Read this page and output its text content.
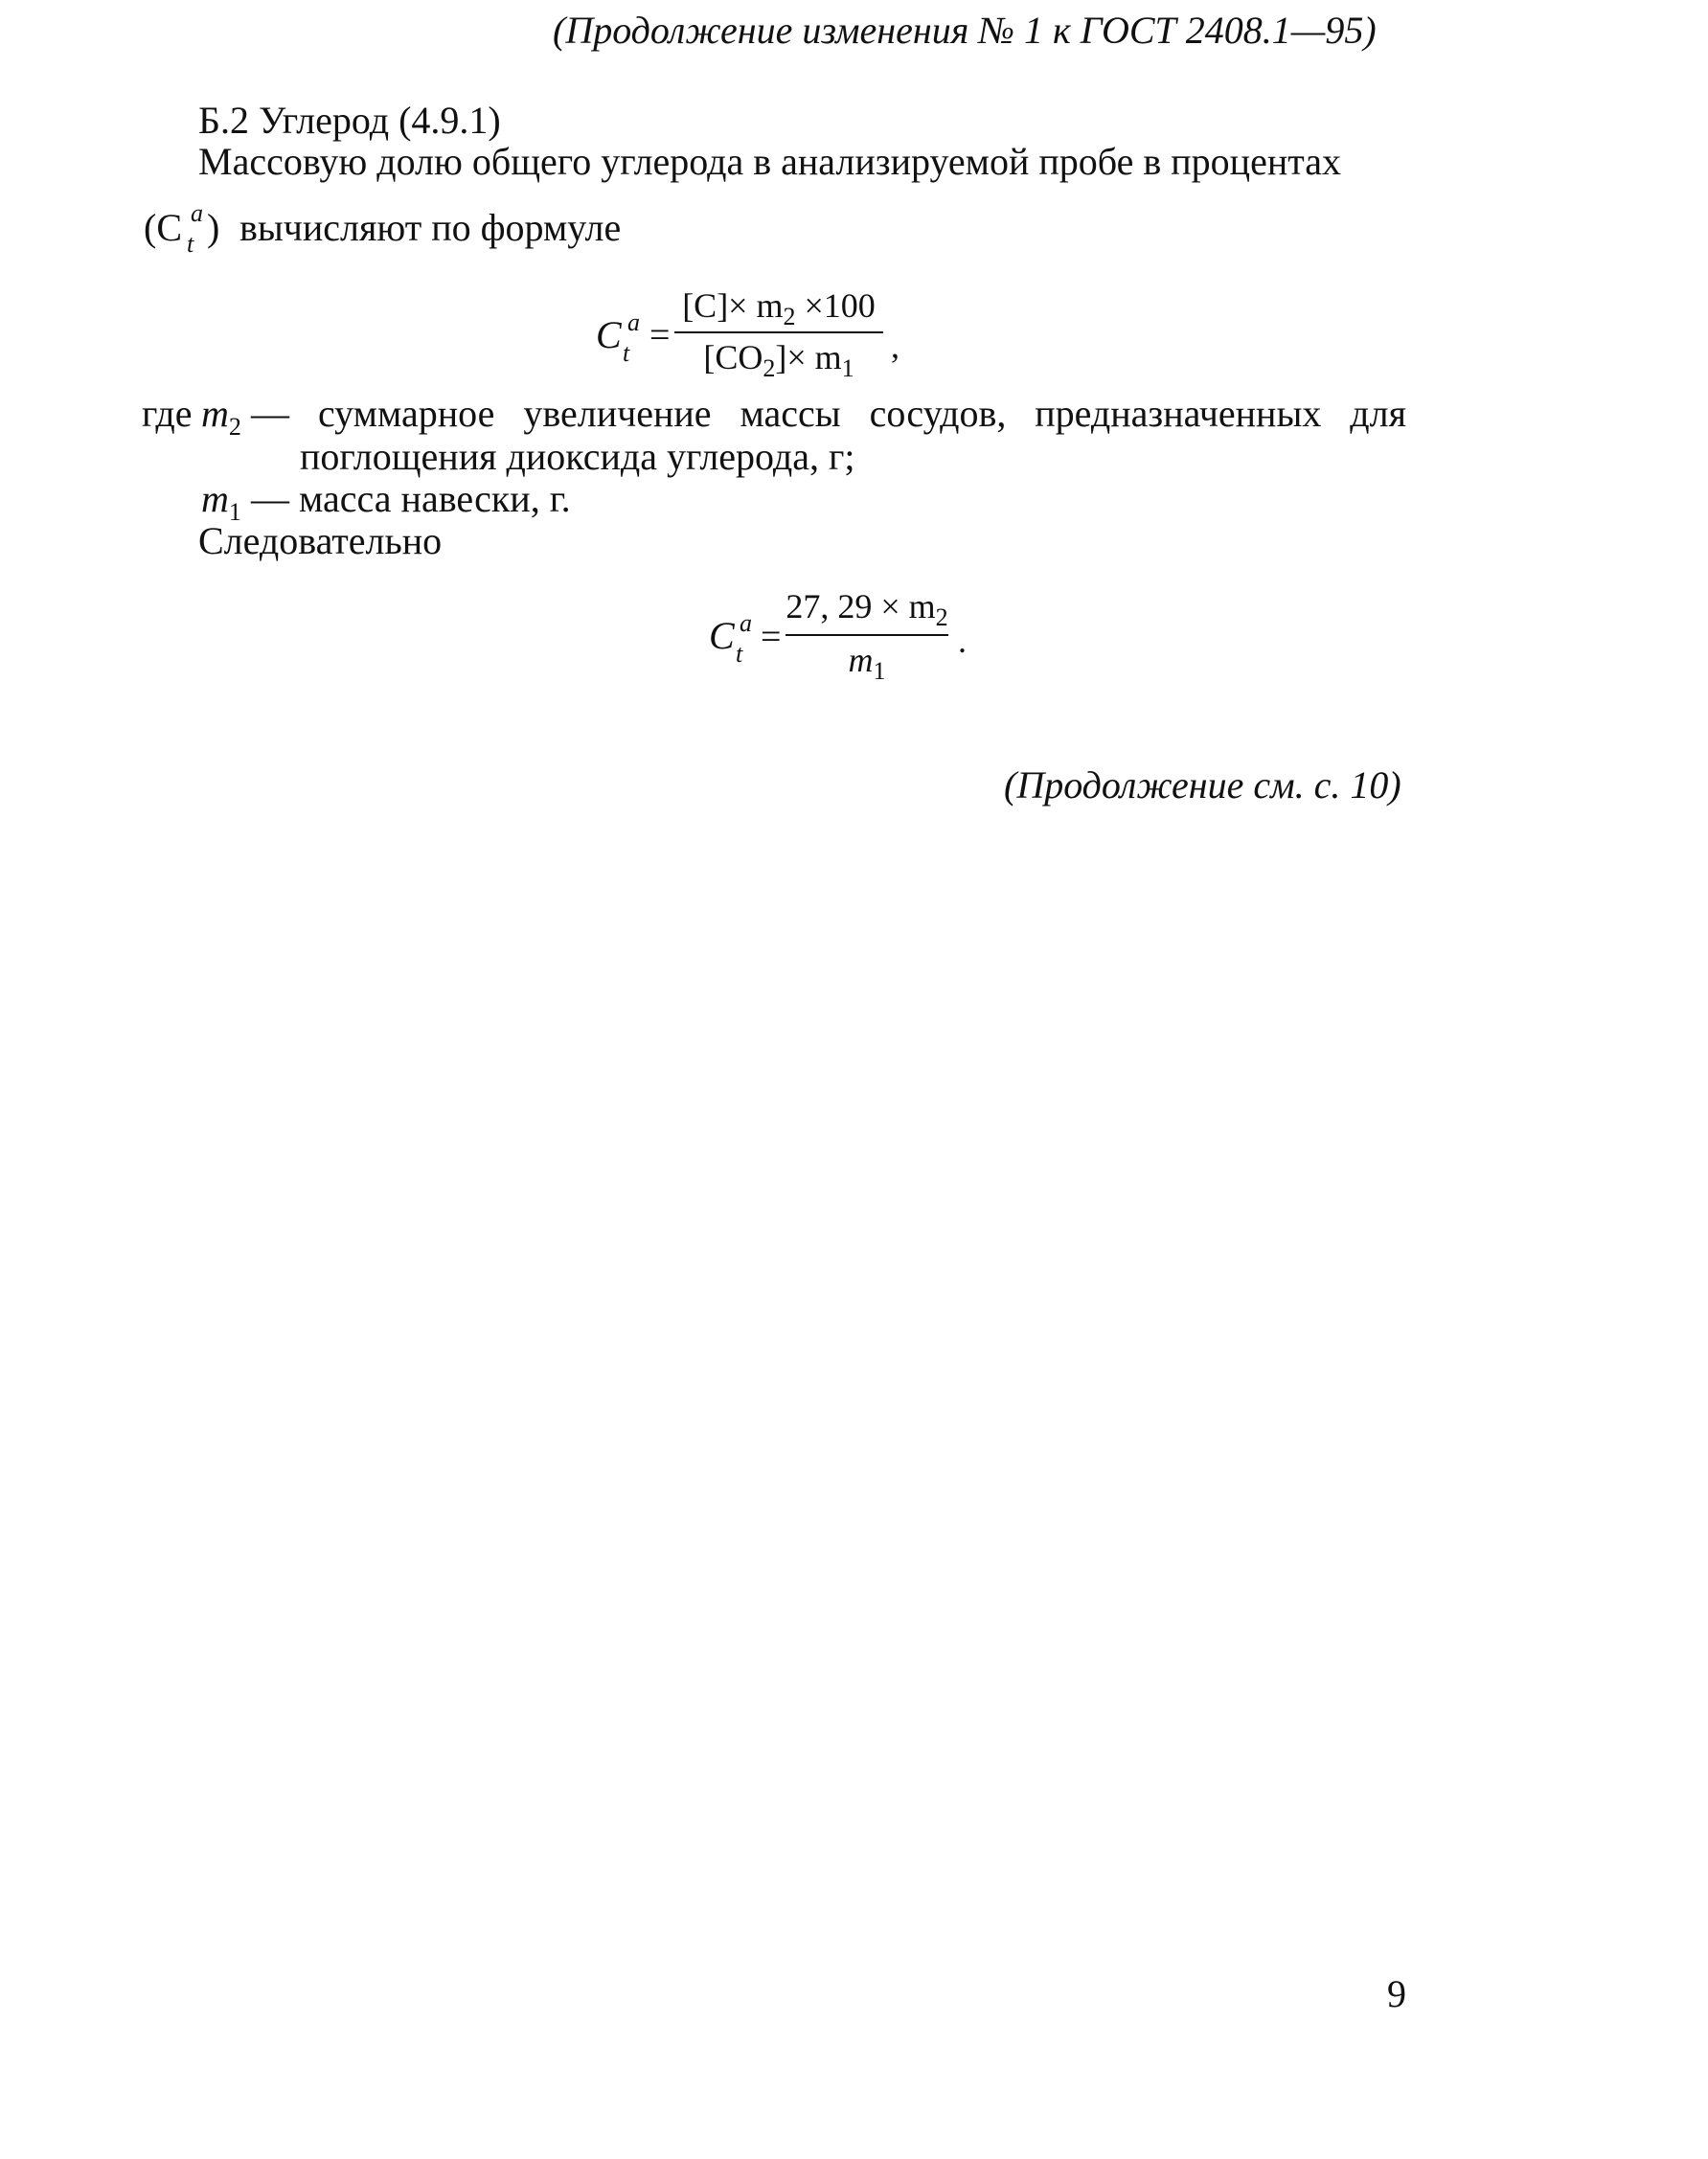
(Продолжение изменения № 1 к ГОСТ 2408.1—95)
Б.2 Углерод (4.9.1)
Массовую долю общего углерода в анализируемой пробе в процентах
(C a
t ) вычисляют по формуле
C a
t =
$[C]\times m_2 \times 100$
$[CO_2]\times m_1$
,
где $m_2$ — суммарное увеличение массы сосудов, предназначенных для
поглощения диоксида углерода, г;
$m_1$ — масса навески, г.
Следовательно
C a
t =
27, $29 \times m_2$
$m_1$
.
(Продолжение см. с. 10)
9
